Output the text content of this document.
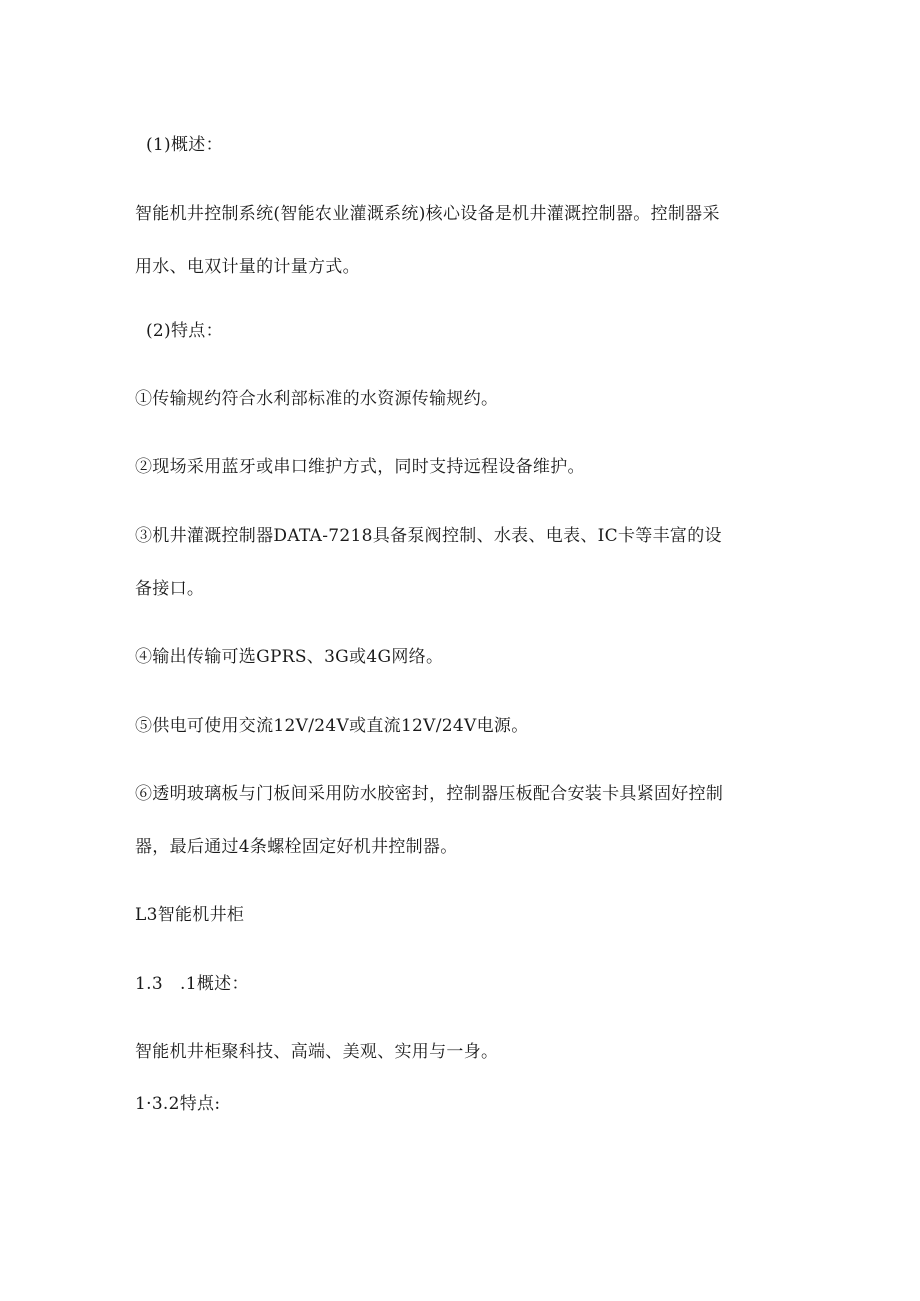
(1)概述：
智能机井控制系统(智能农业灌溉系统)核心设备是机井灌溉控制器。控制器采
用水、电双计量的计量方式。
(2)特点：
①传输规约符合水利部标准的水资源传输规约。
②现场采用蓝牙或串口维护方式，同时支持远程设备维护。
③机井灌溉控制器DATA-7218具备泵阀控制、水表、电表、IC卡等丰富的设
备接口。
④输出传输可选GPRS、3G或4G网络。
⑤供电可使用交流12V/24V或直流12V/24V电源。
⑥透明玻璃板与门板间采用防水胶密封，控制器压板配合安装卡具紧固好控制
器，最后通过4条螺栓固定好机井控制器。
L3智能机井柜
1.3   .1概述：
智能机井柜聚科技、高端、美观、实用与一身。
1·3.2特点:
